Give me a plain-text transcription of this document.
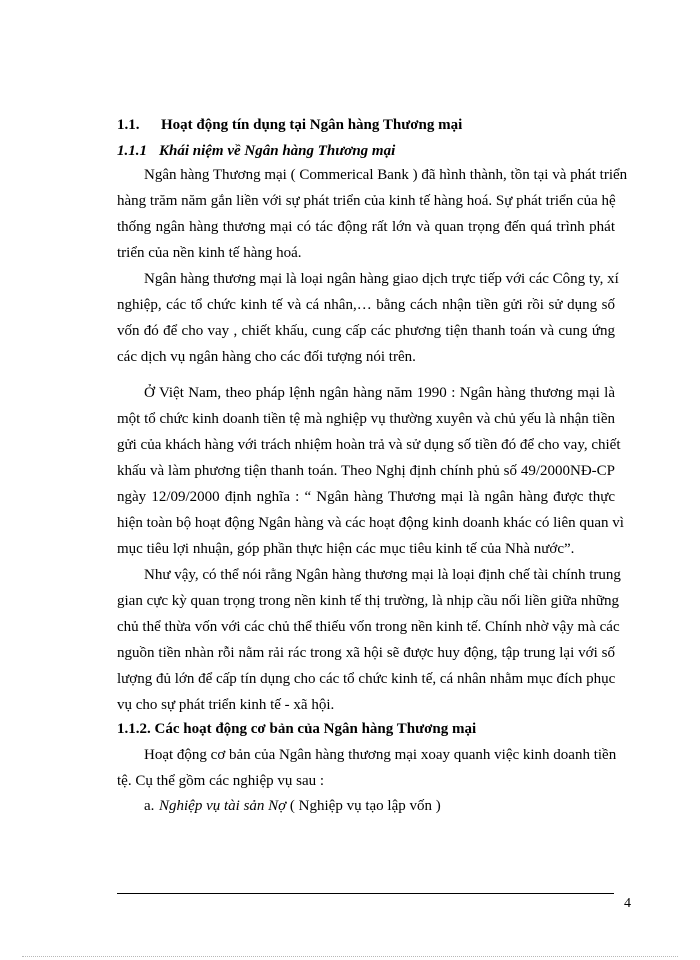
1.1. Hoạt động tín dụng tại Ngân hàng Thương mại
1.1.1 Khái niệm về Ngân hàng Thương mại
Ngân hàng Thương mại ( Commerical Bank ) đã hình thành, tồn tại và phát triển
hàng trăm năm gắn liền với sự phát triển của kinh tế hàng hoá. Sự phát triển của hệ
thống ngân hàng thương mại có tác động rất lớn và quan trọng đến quá trình phát
triển của nền kinh tế hàng hoá.
Ngân hàng thương mại là loại ngân hàng giao dịch trực tiếp với các Công ty, xí
nghiệp, các tổ chức kinh tế và cá nhân,… bằng cách nhận tiền gửi rồi sử dụng số
vốn đó để cho vay , chiết khấu, cung cấp các phương tiện thanh toán và cung ứng
các dịch vụ ngân hàng cho các đối tượng nói trên.
Ở Việt Nam, theo pháp lệnh ngân hàng năm 1990 : Ngân hàng thương mại là
một tổ chức kinh doanh tiền tệ mà nghiệp vụ thường xuyên và chủ yếu là nhận tiền
gửi của khách hàng với trách nhiệm hoàn trả và sử dụng số tiền đó để cho vay, chiết
khấu và làm phương tiện thanh toán. Theo Nghị định chính phủ số 49/2000NĐ-CP
ngày 12/09/2000 định nghĩa : “ Ngân hàng Thương mại là ngân hàng được thực
hiện toàn bộ hoạt động Ngân hàng và các hoạt động kinh doanh khác có liên quan vì
mục tiêu lợi nhuận, góp phần thực hiện các mục tiêu kinh tế của Nhà nước”.
Như vậy, có thể nói rằng Ngân hàng thương mại là loại định chế tài chính trung
gian cực kỳ quan trọng trong nền kinh tế thị trường, là nhịp cầu nối liền giữa những
chủ thể thừa vốn với các chủ thể thiếu vốn trong nền kinh tế. Chính nhờ vậy mà các
nguồn tiền nhàn rỗi nằm rải rác trong xã hội sẽ được huy động, tập trung lại với số
lượng đủ lớn để cấp tín dụng cho các tổ chức kinh tế, cá nhân nhằm mục đích phục
vụ cho sự phát triển kinh tế - xã hội.
1.1.2. Các hoạt động cơ bản của Ngân hàng Thương mại
Hoạt động cơ bản của Ngân hàng thương mại xoay quanh việc kinh doanh tiền
tệ. Cụ thể gồm các nghiệp vụ sau :
a. Nghiệp vụ tài sản Nợ ( Nghiệp vụ tạo lập vốn )
4
